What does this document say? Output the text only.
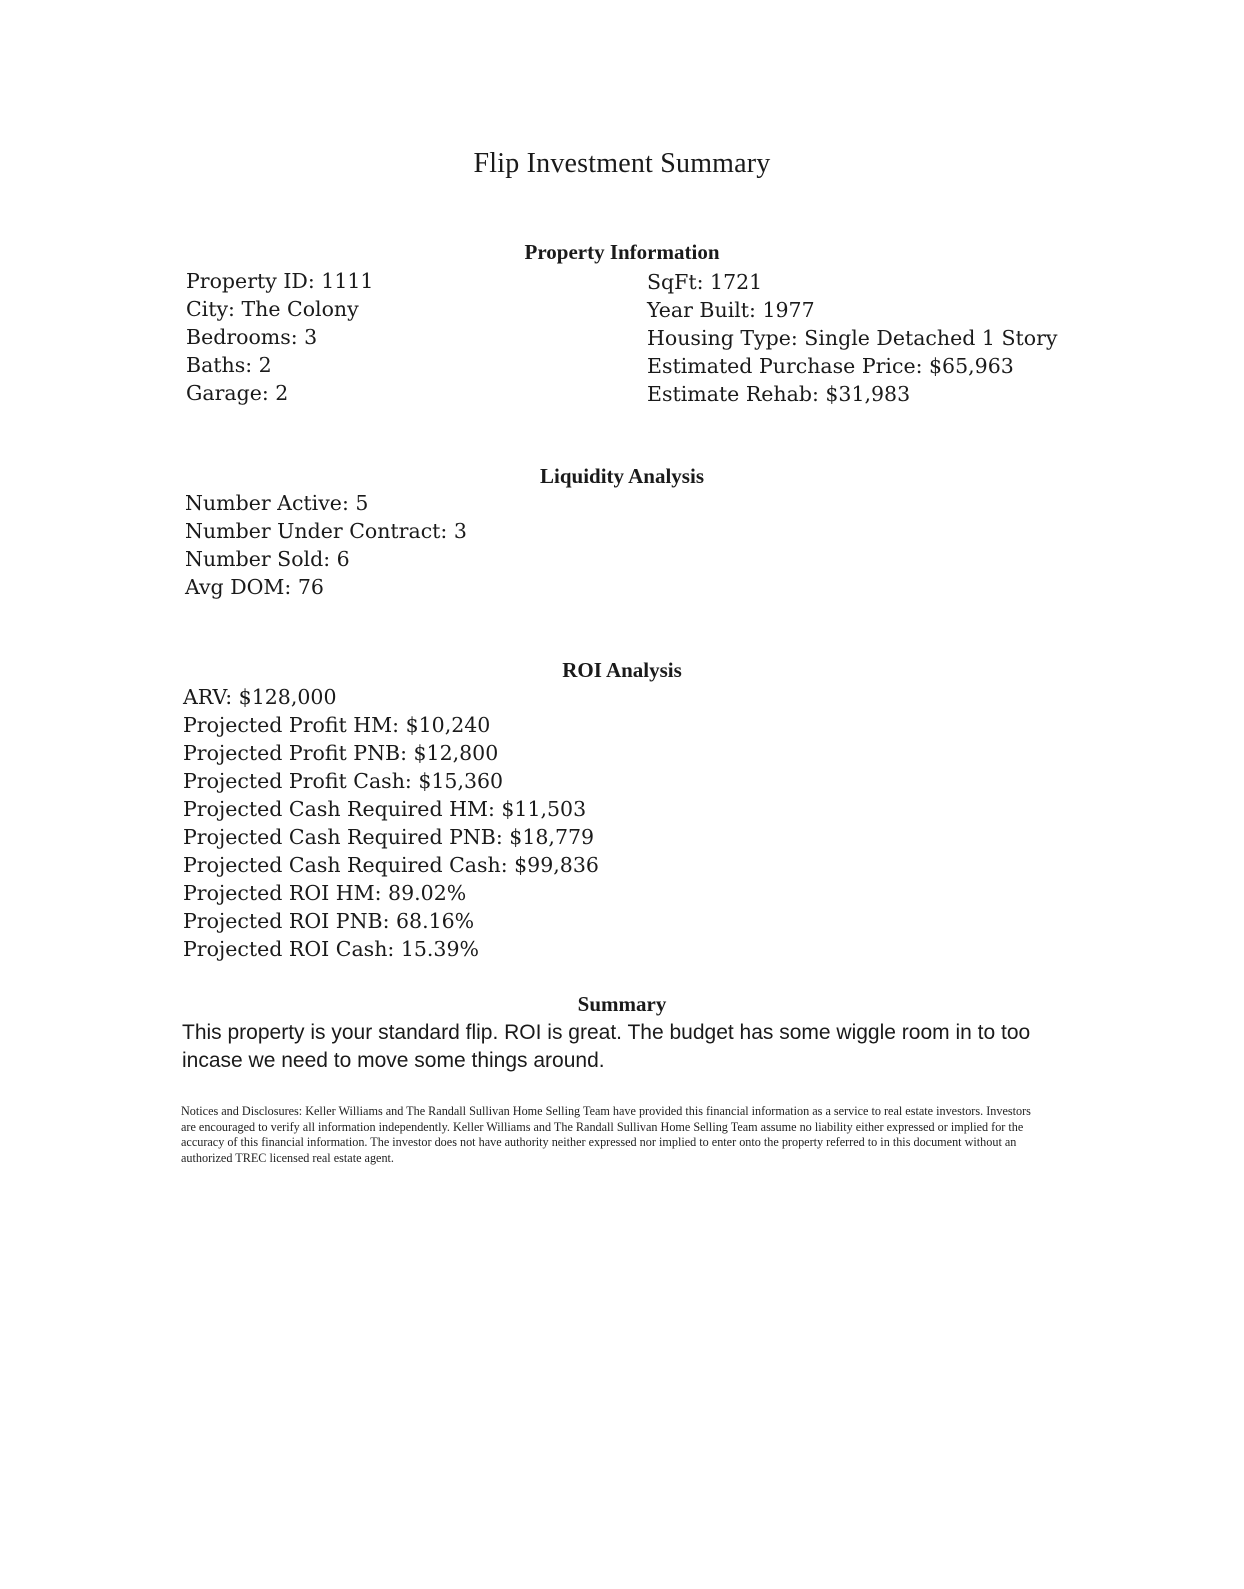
Flip Investment Summary
Property Information
Property ID: 1111
City: The Colony
Bedrooms: 3
Baths: 2
Garage: 2
SqFt: 1721
Year Built: 1977
Housing Type: Single Detached 1 Story
Estimated Purchase Price: $65,963
Estimate Rehab: $31,983
Liquidity Analysis
Number Active: 5
Number Under Contract: 3
Number Sold: 6
Avg DOM: 76
ROI Analysis
ARV: $128,000
Projected Profit HM: $10,240
Projected Profit PNB: $12,800
Projected Profit Cash: $15,360
Projected Cash Required HM: $11,503
Projected Cash Required PNB: $18,779
Projected Cash Required Cash: $99,836
Projected ROI HM: 89.02%
Projected ROI PNB: 68.16%
Projected ROI Cash: 15.39%
Summary

This property is your standard flip. ROI is great. The budget has some wiggle room in to too incase we need to move some things around.

Notices and Disclosures: Keller Williams and The Randall Sullivan Home Selling Team have provided this financial information as a service to real estate investors. Investors are encouraged to verify all information independently. Keller Williams and The Randall Sullivan Home Selling Team assume no liability either expressed or implied for the accuracy of this financial information. The investor does not have authority neither expressed nor implied to enter onto the property referred to in this document without an authorized TREC licensed real estate agent.
